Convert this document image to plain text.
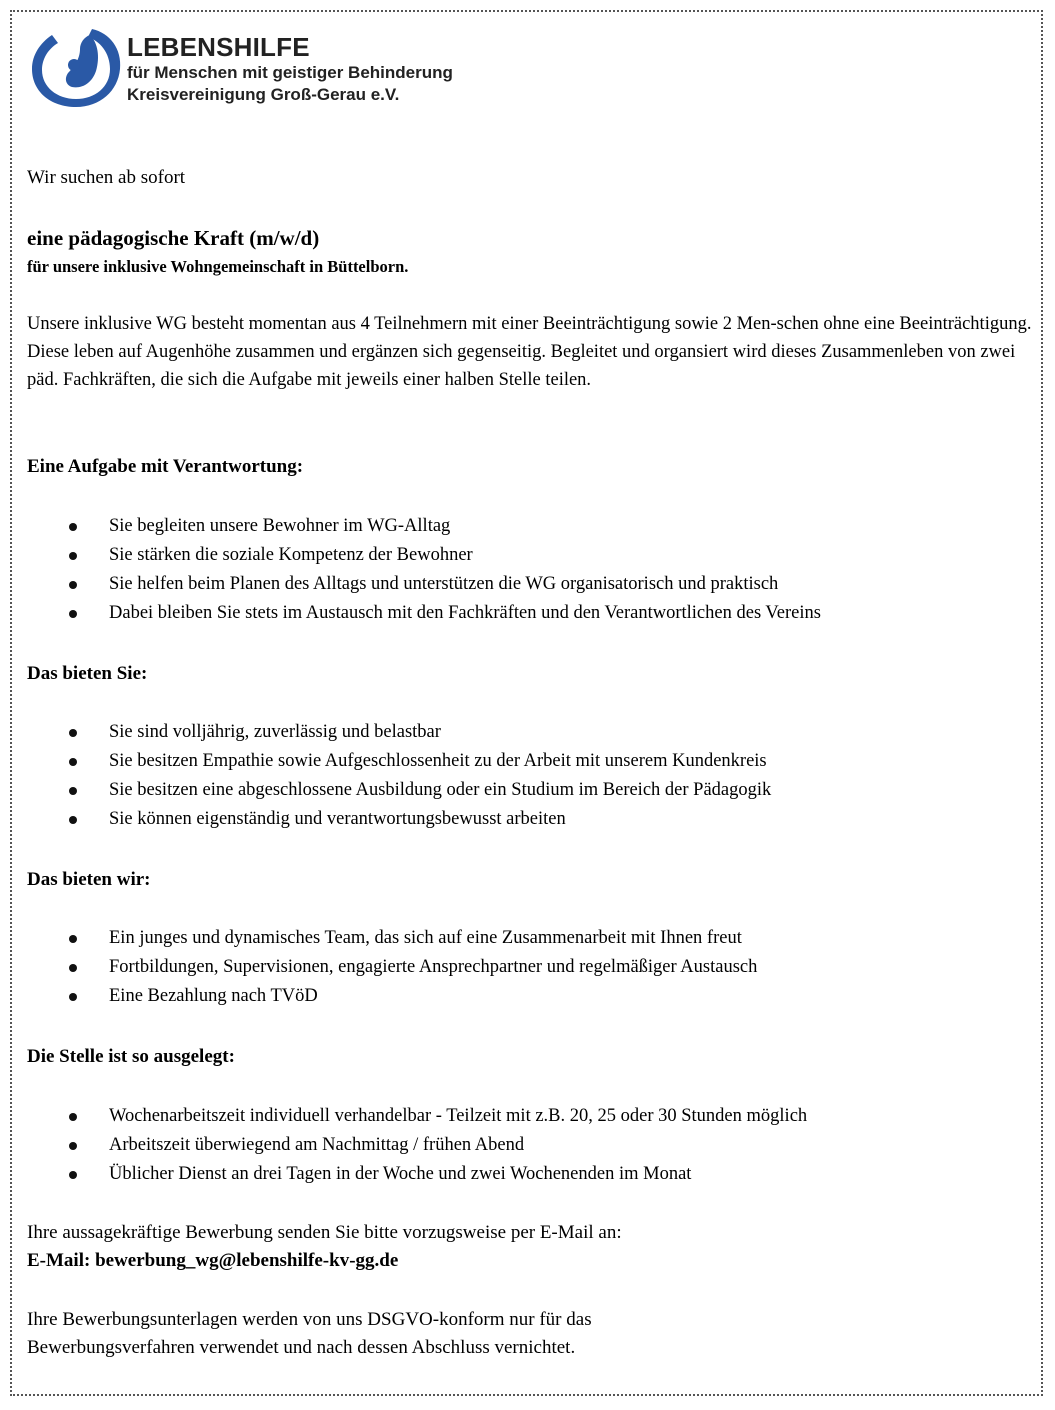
LEBENSHILFE
für Menschen mit geistiger Behinderung
Kreisvereinigung Groß-Gerau e.V.
Wir suchen ab sofort
eine pädagogische Kraft (m/w/d)
für unsere inklusive Wohngemeinschaft in Büttelborn.
Unsere inklusive WG besteht momentan aus 4 Teilnehmern mit einer Beeinträchtigung sowie 2 Men-schen ohne eine Beeinträchtigung. Diese leben auf Augenhöhe zusammen und ergänzen sich gegenseitig. Begleitet und organsiert wird dieses Zusammenleben von zwei päd. Fachkräften, die sich die Aufgabe mit jeweils einer halben Stelle teilen.
Eine Aufgabe mit Verantwortung:
Sie begleiten unsere Bewohner im WG-Alltag
Sie stärken die soziale Kompetenz der Bewohner
Sie helfen beim Planen des Alltags und unterstützen die WG organisatorisch und praktisch
Dabei bleiben Sie stets im Austausch mit den Fachkräften und den Verantwortlichen des Vereins
Das bieten Sie:
Sie sind volljährig, zuverlässig und belastbar
Sie besitzen Empathie sowie Aufgeschlossenheit zu der Arbeit mit unserem Kundenkreis
Sie besitzen eine abgeschlossene Ausbildung oder ein Studium im Bereich der Pädagogik
Sie können eigenständig und verantwortungsbewusst arbeiten
Das bieten wir:
Ein junges und dynamisches Team, das sich auf eine Zusammenarbeit mit Ihnen freut
Fortbildungen, Supervisionen, engagierte Ansprechpartner und regelmäßiger Austausch
Eine Bezahlung nach TVöD
Die Stelle ist so ausgelegt:
Wochenarbeitszeit individuell verhandelbar - Teilzeit mit z.B. 20, 25 oder 30 Stunden möglich
Arbeitszeit überwiegend am Nachmittag / frühen Abend
Üblicher Dienst an drei Tagen in der Woche und zwei Wochenenden im Monat
Ihre aussagekräftige Bewerbung senden Sie bitte vorzugsweise per E-Mail an:
E-Mail: bewerbung_wg@lebenshilfe-kv-gg.de
Ihre Bewerbungsunterlagen werden von uns DSGVO-konform nur für das
Bewerbungsverfahren verwendet und nach dessen Abschluss vernichtet.
